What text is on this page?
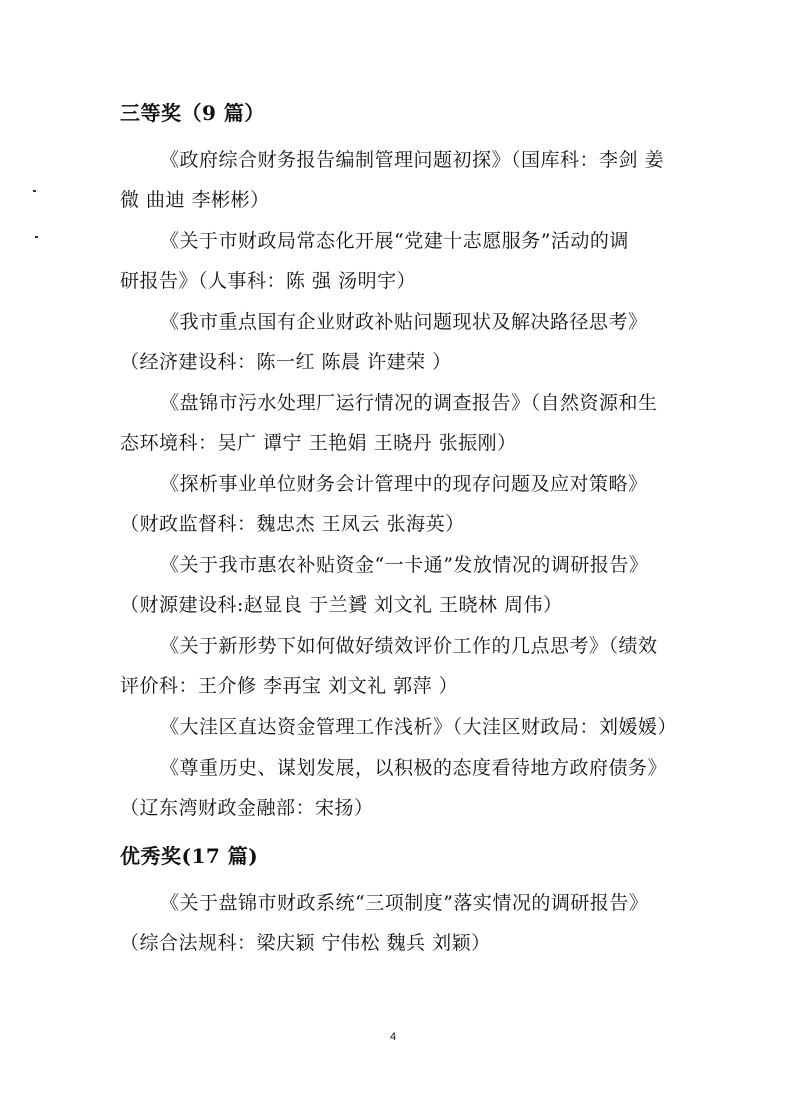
三等奖（9 篇）
《政府综合财务报告编制管理问题初探》（国库科：李剑 姜
微 曲迪 李彬彬）
《关于市财政局常态化开展“党建十志愿服务”活动的调
研报告》（人事科：陈 强 汤明宇）
《我市重点国有企业财政补贴问题现状及解决路径思考》
（经济建设科：陈一红 陈晨 许建荣 ）
《盘锦市污水处理厂运行情况的调查报告》（自然资源和生
态环境科：吴广 谭宁 王艳娟 王晓丹 张振刚）
《探析事业单位财务会计管理中的现存问题及应对策略》
（财政监督科：魏忠杰 王凤云 张海英）
《关于我市惠农补贴资金“一卡通”发放情况的调研报告》
（财源建设科:赵显良 于兰贇 刘文礼 王晓林 周伟）
《关于新形势下如何做好绩效评价工作的几点思考》（绩效
评价科：王介修 李再宝 刘文礼 郭萍 ）
《大洼区直达资金管理工作浅析》（大洼区财政局：刘媛媛）
《尊重历史、谋划发展，以积极的态度看待地方政府债务》
（辽东湾财政金融部：宋扬）
优秀奖(17 篇)
《关于盘锦市财政系统“三项制度”落实情况的调研报告》
（综合法规科：梁庆颖 宁伟松 魏兵 刘颖）
4
